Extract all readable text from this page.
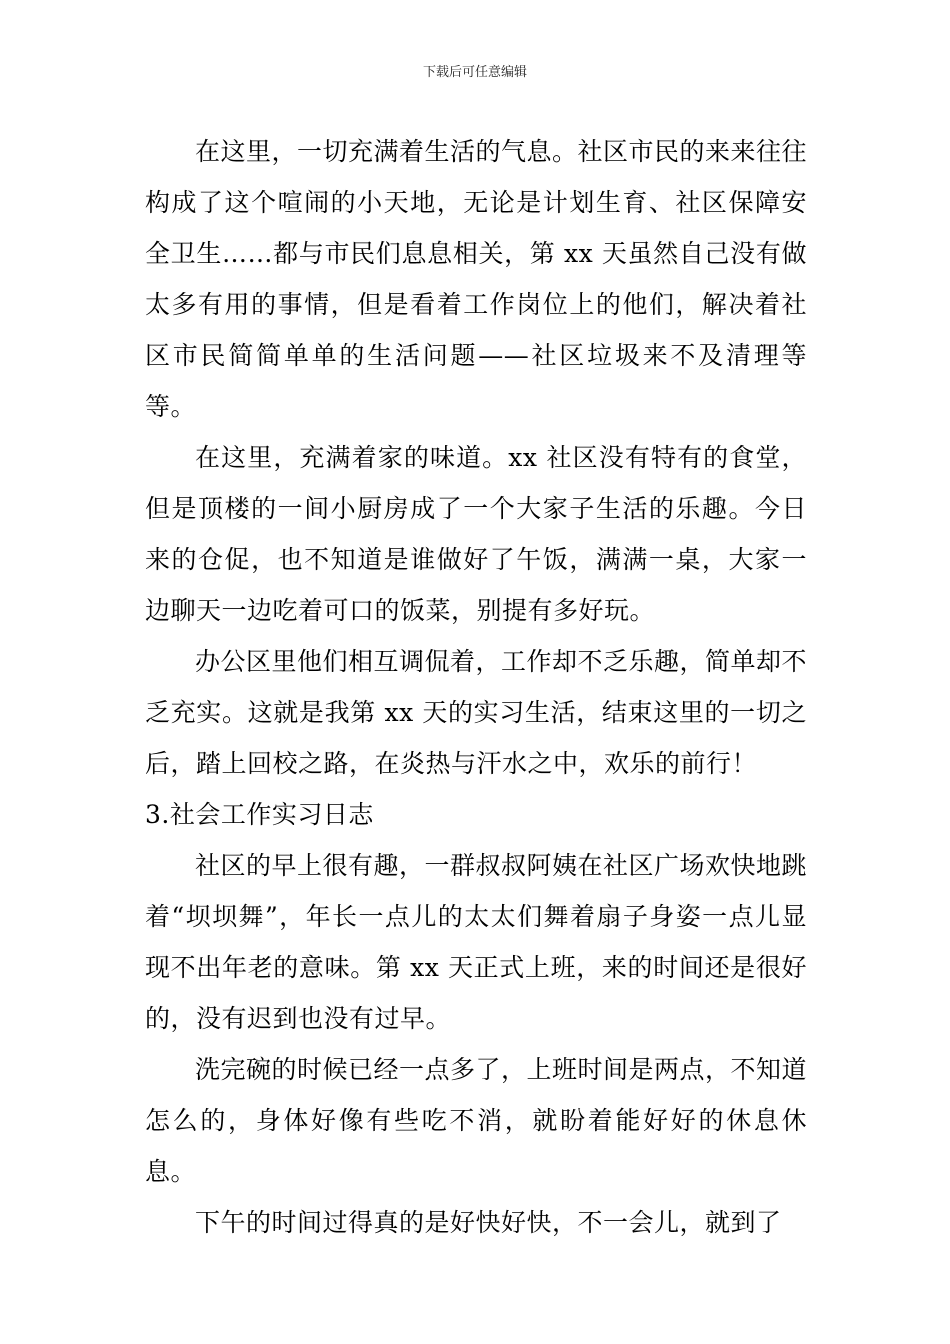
下载后可任意编辑

在这里，一切充满着生活的气息。社区市民的来来往往构成了这个喧闹的小天地，无论是计划生育、社区保障安全卫生……都与市民们息息相关，第 xx 天虽然自己没有做太多有用的事情，但是看着工作岗位上的他们，解决着社区市民简简单单的生活问题——社区垃圾来不及清理等等。

在这里，充满着家的味道。xx 社区没有特有的食堂，但是顶楼的一间小厨房成了一个大家子生活的乐趣。今日来的仓促，也不知道是谁做好了午饭，满满一桌，大家一边聊天一边吃着可口的饭菜，别提有多好玩。

办公区里他们相互调侃着，工作却不乏乐趣，简单却不乏充实。这就是我第 xx 天的实习生活，结束这里的一切之后，踏上回校之路，在炎热与汗水之中，欢乐的前行！

3.社会工作实习日志

社区的早上很有趣，一群叔叔阿姨在社区广场欢快地跳着“坝坝舞”，年长一点儿的太太们舞着扇子身姿一点儿显现不出年老的意味。第 xx 天正式上班，来的时间还是很好的，没有迟到也没有过早。

洗完碗的时候已经一点多了，上班时间是两点，不知道怎么的，身体好像有些吃不消，就盼着能好好的休息休息。

下午的时间过得真的是好快好快，不一会儿，就到了
